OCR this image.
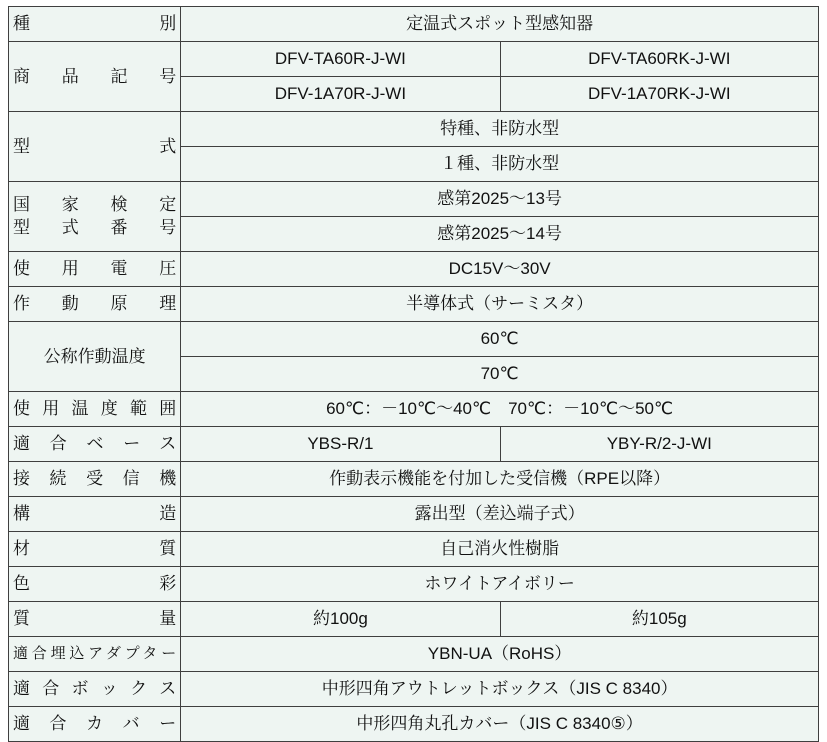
種　　　別	定温式スポット型感知器	

商　品　記　号	DFV-TA60R-J-WI	DFV-TA60RK-J-WI
	DFV-1A70R-J-WI	DFV-1A70RK-J-WI

型　　　式	特種、非防水型	
	１種、非防水型	

国　家　検　定
型　式　番　号	感第2025～13号	
	感第2025～14号	

使　用　電　圧	DC15V～30V	

作　動　原　理	半導体式（サーミスタ）	
公称作動温度	60℃	
	70℃	

使用温度範囲	60℃：－10℃～40℃　70℃：－10℃～50℃	

適合ベース	YBS-R/1	YBY-R/2-J-WI

接続受信機	作動表示機能を付加した受信機（RPE以降）	

構　　　造	露出型（差込端子式）	

材　　　質	自己消火性樹脂	

色　　　彩	ホワイトアイボリー	

質　　　量	約100g	約105g

適合埋込アダプター	YBN-UA（RoHS）	

適合ボックス	中形四角アウトレットボックス（JIS C 8340）	

適合カバー	中形四角丸孔カバー（JIS C 8340⑤）	
